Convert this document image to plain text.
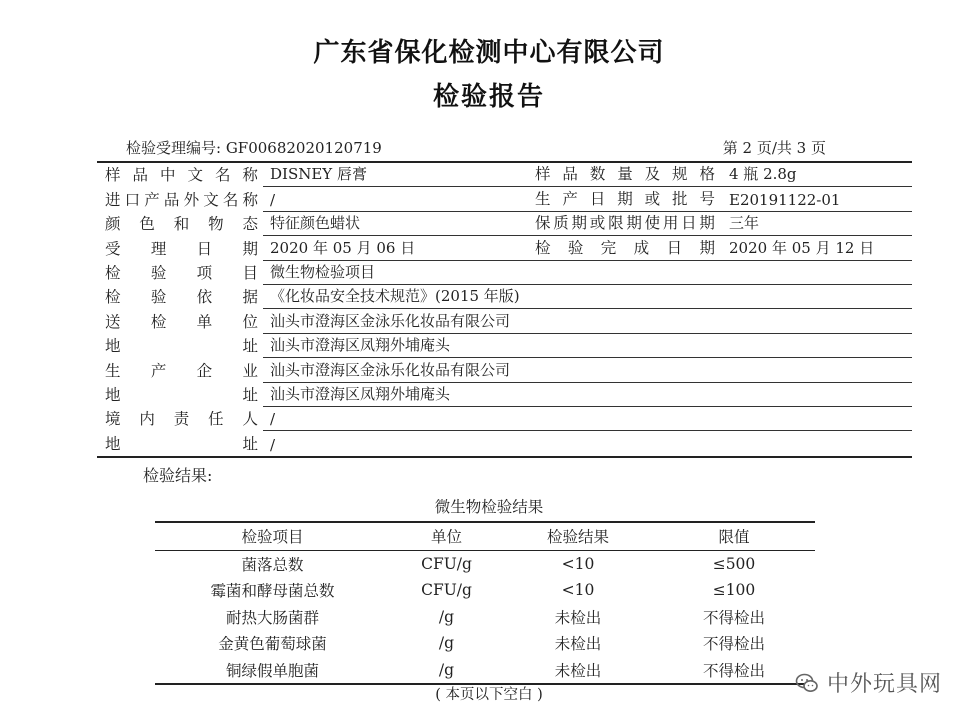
广东省保化检测中心有限公司
检验报告
检验受理编号: GF00682020120719	第 2 页/共 3 页
样 品 中 文 名 称 DISNEY 唇膏	样 品 数 量 及 规 格 4 瓶 2.8g
进 口 产 品 外 文 名 称 /	生 产 日 期 或 批 号 E20191122-01
颜 色 和 物 态 特征颜色蜡状	保 质 期 或 限 期 使 用 日 期 三年
受 理 日 期 2020 年 05 月 06 日	检 验 完 成 日 期 2020 年 05 月 12 日
检 验 项 目 微生物检验项目
检 验 依 据 《化妆品安全技术规范》(2015 年版)
送 检 单 位 汕头市澄海区金泳乐化妆品有限公司
地	址 汕头市澄海区凤翔外埔庵头
生 产 企 业 汕头市澄海区金泳乐化妆品有限公司
地	址 汕头市澄海区凤翔外埔庵头
境 内 责 任 人 /
地	址 /
检验结果:
微生物检验结果
检验项目	单位	检验结果	限值
菌落总数	CFU/g	<10	≤500
霉菌和酵母菌总数	CFU/g	<10	≤100
耐热大肠菌群	/g	未检出	不得检出
金黄色葡萄球菌	/g	未检出	不得检出
铜绿假单胞菌	/g	未检出	不得检出
( 本页以下空白 )	中外玩具网
